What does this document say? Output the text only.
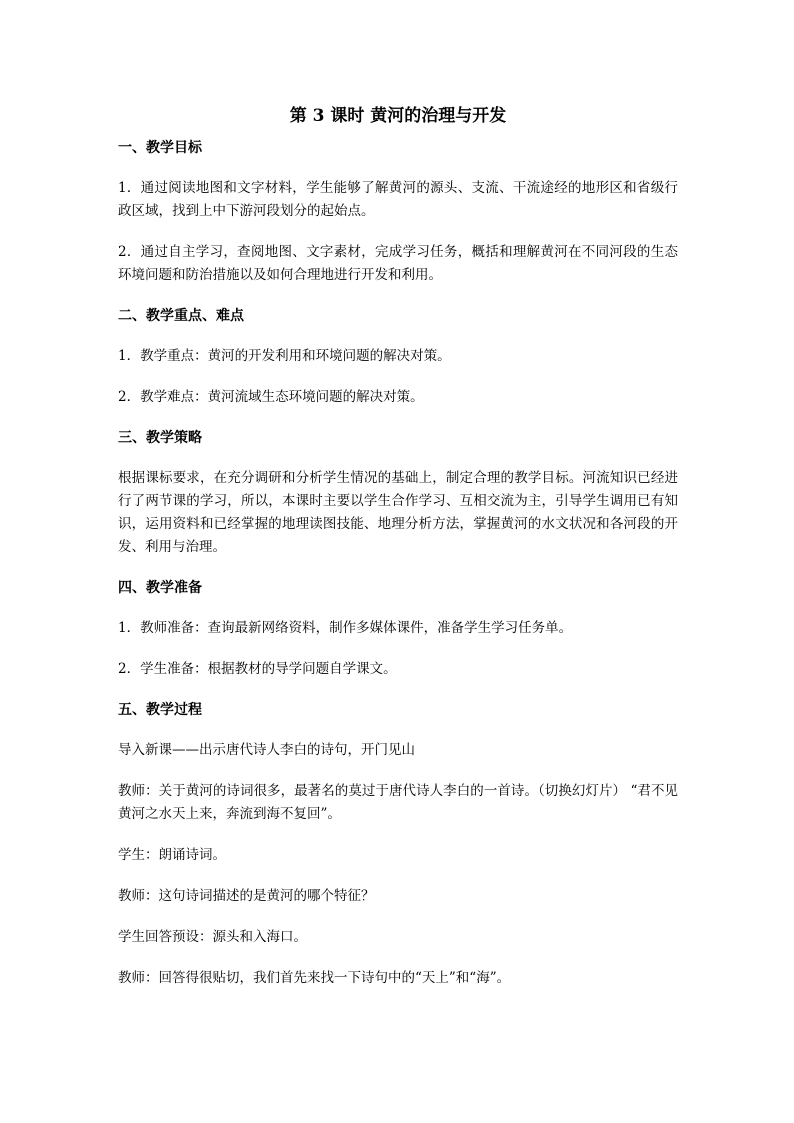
第 3 课时 黄河的治理与开发
一、教学目标

1．通过阅读地图和文字材料，学生能够了解黄河的源头、支流、干流途经的地形区和省级行政区域，找到上中下游河段划分的起始点。

2．通过自主学习，查阅地图、文字素材，完成学习任务，概括和理解黄河在不同河段的生态环境问题和防治措施以及如何合理地进行开发和利用。

二、教学重点、难点

1．教学重点：黄河的开发利用和环境问题的解决对策。

2．教学难点：黄河流域生态环境问题的解决对策。

三、教学策略

根据课标要求，在充分调研和分析学生情况的基础上，制定合理的教学目标。河流知识已经进行了两节课的学习，所以，本课时主要以学生合作学习、互相交流为主，引导学生调用已有知识，运用资料和已经掌握的地理读图技能、地理分析方法，掌握黄河的水文状况和各河段的开发、利用与治理。

四、教学准备

1．教师准备：查询最新网络资料，制作多媒体课件，准备学生学习任务单。

2．学生准备：根据教材的导学问题自学课文。

五、教学过程

导入新课——出示唐代诗人李白的诗句，开门见山

教师：关于黄河的诗词很多，最著名的莫过于唐代诗人李白的一首诗。（切换幻灯片） “君不见黄河之水天上来，奔流到海不复回”。

学生：朗诵诗词。

教师：这句诗词描述的是黄河的哪个特征？

学生回答预设：源头和入海口。

教师：回答得很贴切，我们首先来找一下诗句中的“天上”和“海”。
